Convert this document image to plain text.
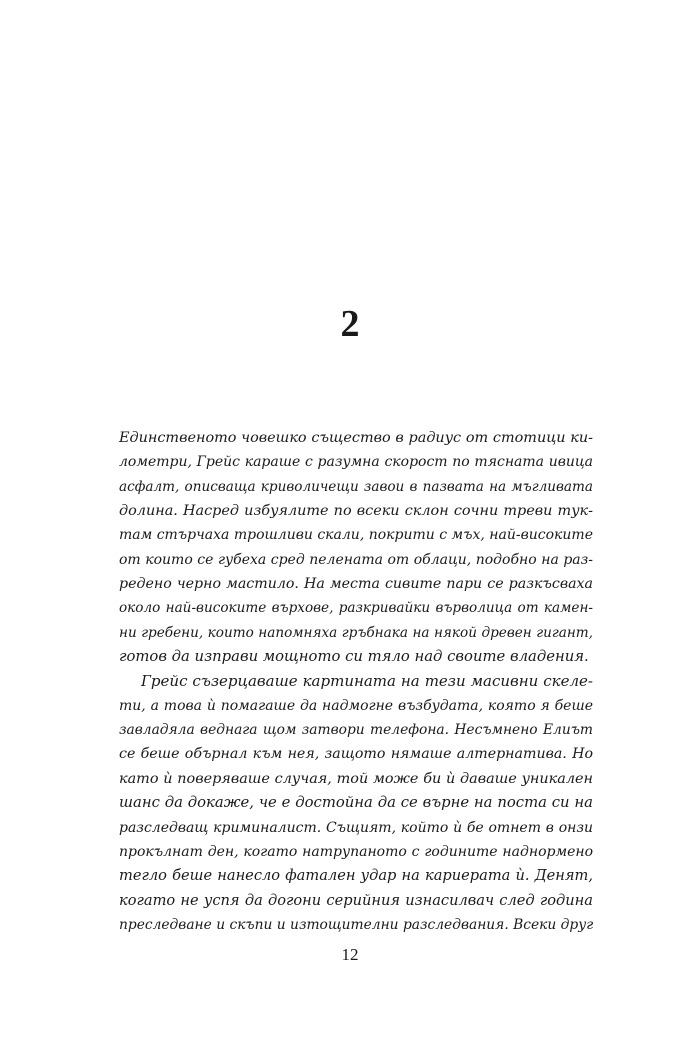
2
Единственото човешко същество в радиус от стотици ки-
лометри, Грейс караше с разумна скорост по тясната ивица
асфалт, описваща криволичещи завои в пазвата на мъгливата
долина. Насред избуялите по всеки склон сочни треви тук-
там стърчаха трошливи скали, покрити с мъх, най-високите
от които се губеха сред пелената от облаци, подобно на раз-
редено черно мастило. На места сивите пари се разкъсваха
около най-високите върхове, разкривайки върволица от камен-
ни гребени, които напомняха гръбнака на някой древен гигант,
готов да изправи мощното си тяло над своите владения.
Грейс съзерцаваше картината на тези масивни скеле-
ти, а това ѝ помагаше да надмогне възбудата, която я беше
завладяла веднага щом затвори телефона. Несъмнено Елиът
се беше обърнал към нея, защото нямаше алтернатива. Но
като ѝ поверяваше случая, той може би ѝ даваше уникален
шанс да докаже, че е достойна да се върне на поста си на
разследващ криминалист. Същият, който ѝ бе отнет в онзи
прокълнат ден, когато натрупаното с годините наднормено
тегло беше нанесло фатален удар на кариерата ѝ. Денят,
когато не успя да догони серийния изнасилвач след година
преследване и скъпи и изтощителни разследвания. Всеки друг
12
